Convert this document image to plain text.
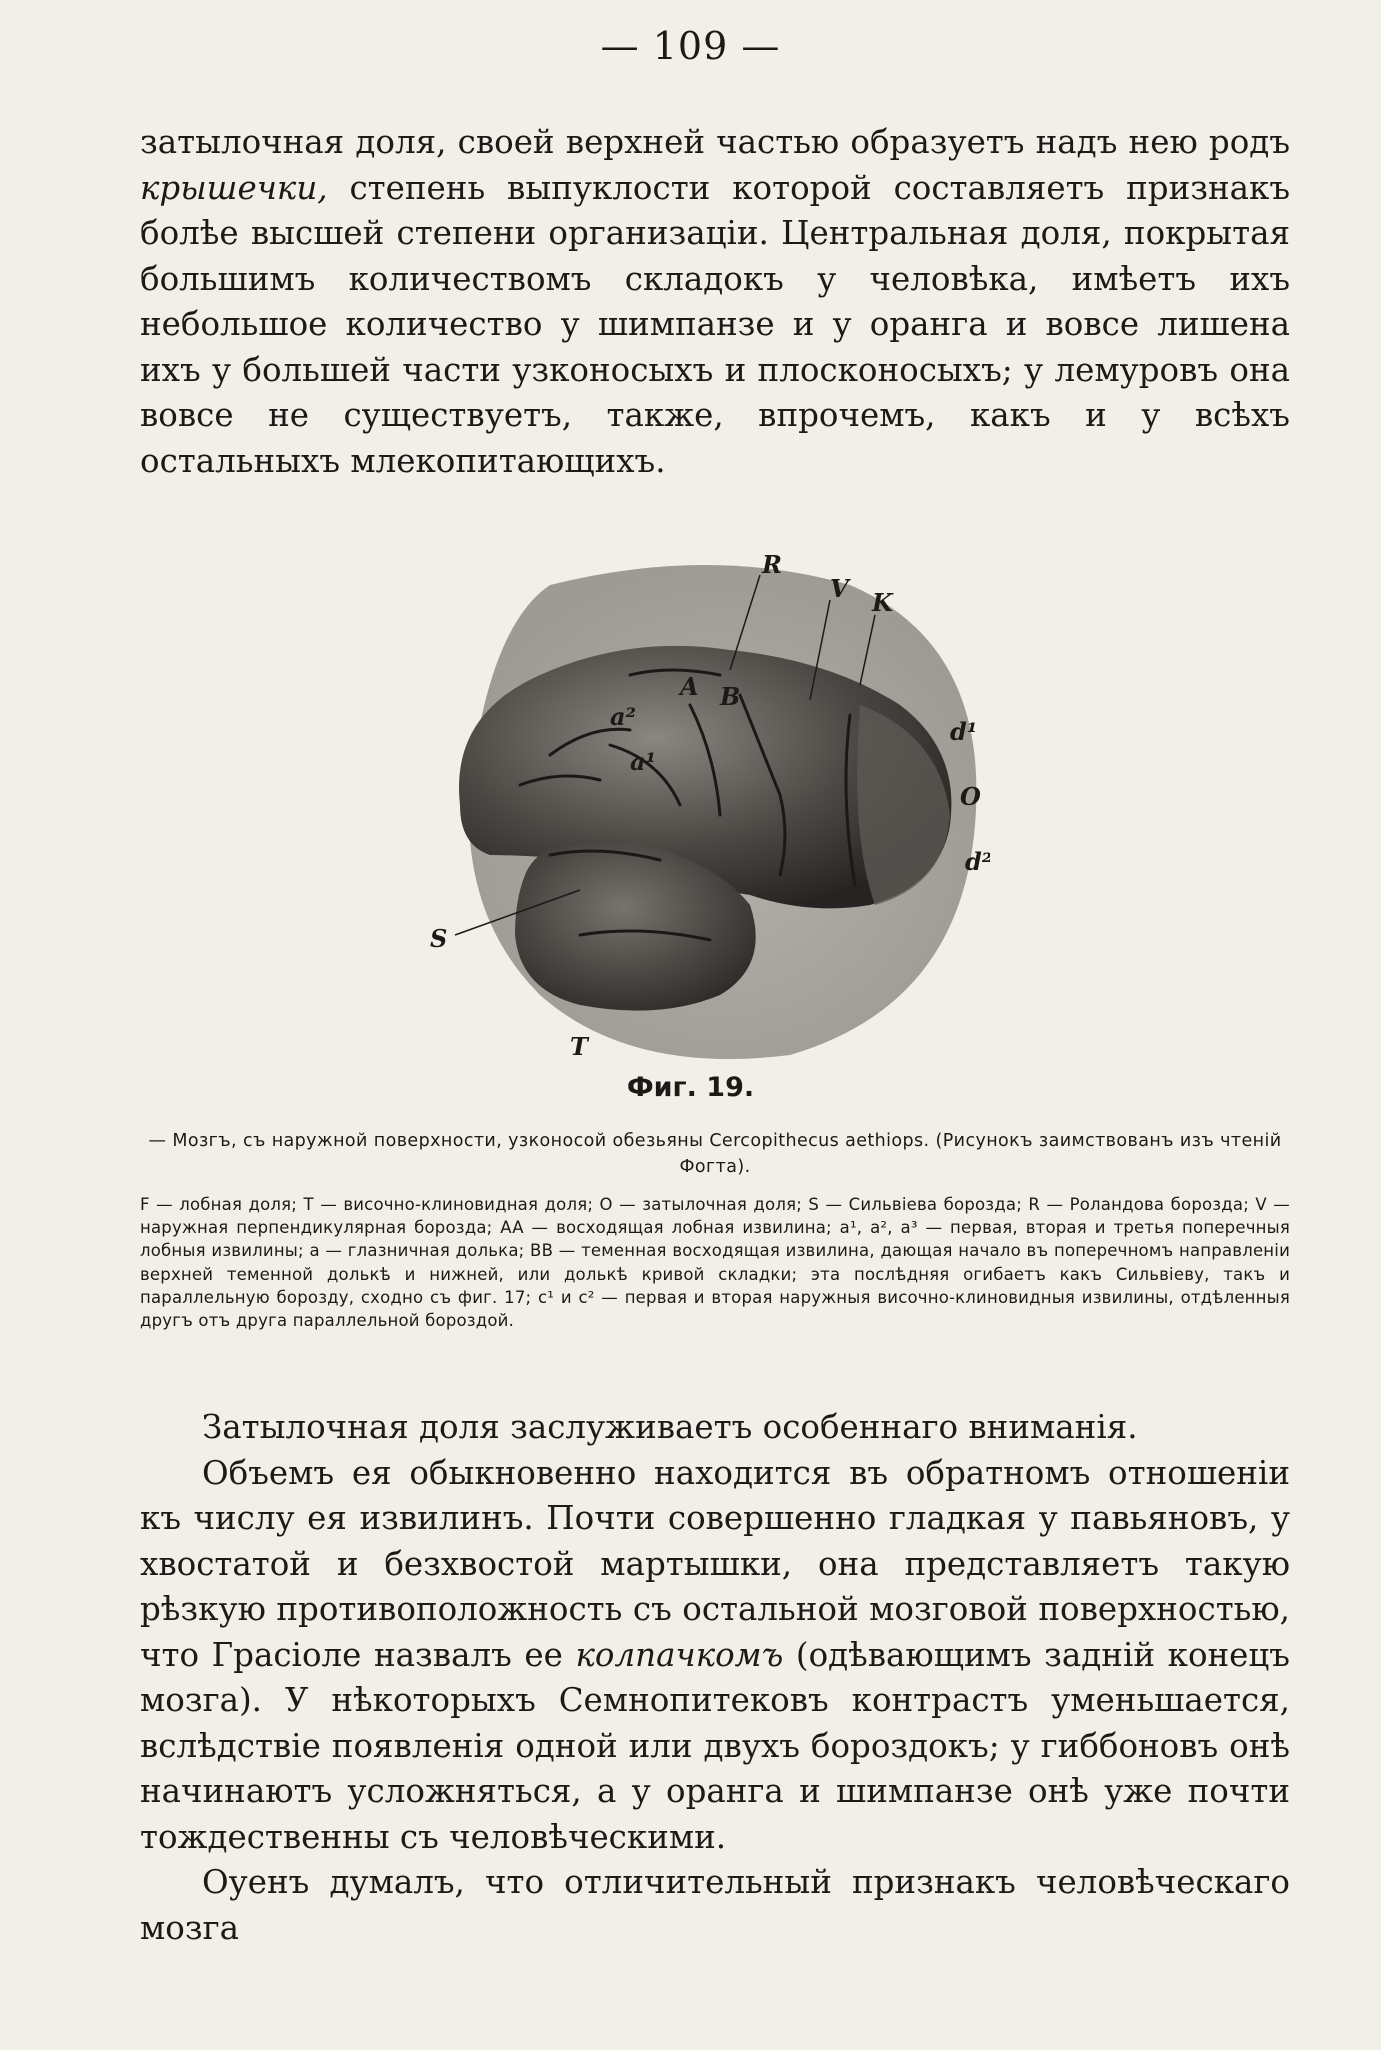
— 109 —

затылочная доля, своей верхней частью образуетъ надъ нею родъ крышечки, степень выпуклости которой составляетъ признакъ болѣе высшей степени организаціи. Центральная доля, покрытая большимъ количествомъ складокъ у человѣка, имѣетъ ихъ небольшое количество у шимпанзе и у оранга и вовсе лишена ихъ у большей части узконосыхъ и плосконосыхъ; у лемуровъ она вовсе не существуетъ, также, впрочемъ, какъ и у всѣхъ остальныхъ млекопитающихъ.

R
V K
A B
a²
a¹
d¹
O
d²
S
T
Фиг. 19.
— Мозгъ, съ наружной поверхности, узконосой обезьяны Cercopithecus aethiops. (Рисунокъ заимствованъ изъ чтеній Фогта).
F — лобная доля; T — височно-клиновидная доля; O — затылочная доля; S — Сильвіева борозда; R — Роландова борозда; V — наружная перпендикулярная борозда; AA — восходящая лобная извилина; a¹, a², a³ — первая, вторая и третья поперечныя лобныя извилины; a — глазничная долька; BB — теменная восходящая извилина, дающая начало въ поперечномъ направленіи верхней теменной долькѣ и нижней, или долькѣ кривой складки; эта послѣдняя огибаетъ какъ Сильвіеву, такъ и параллельную борозду, сходно съ фиг. 17; c¹ и c² — первая и вторая наружныя височно-клиновидныя извилины, отдѣленныя другъ отъ друга параллельной бороздой.

Затылочная доля заслуживаетъ особеннаго вниманія.

Объемъ ея обыкновенно находится въ обратномъ отношеніи къ числу ея извилинъ. Почти совершенно гладкая у павьяновъ, у хвостатой и безхвостой мартышки, она представляетъ такую рѣзкую противоположность съ остальной мозговой поверхностью, что Грасіоле назвалъ ее колпачкомъ (одѣвающимъ задній конецъ мозга). У нѣкоторыхъ Семнопитековъ контрастъ уменьшается, вслѣдствіе появленія одной или двухъ бороздокъ; у гиббоновъ онѣ начинаютъ усложняться, а у оранга и шимпанзе онѣ уже почти тождественны съ человѣческими.

Оуенъ думалъ, что отличительный признакъ человѣческаго мозга
